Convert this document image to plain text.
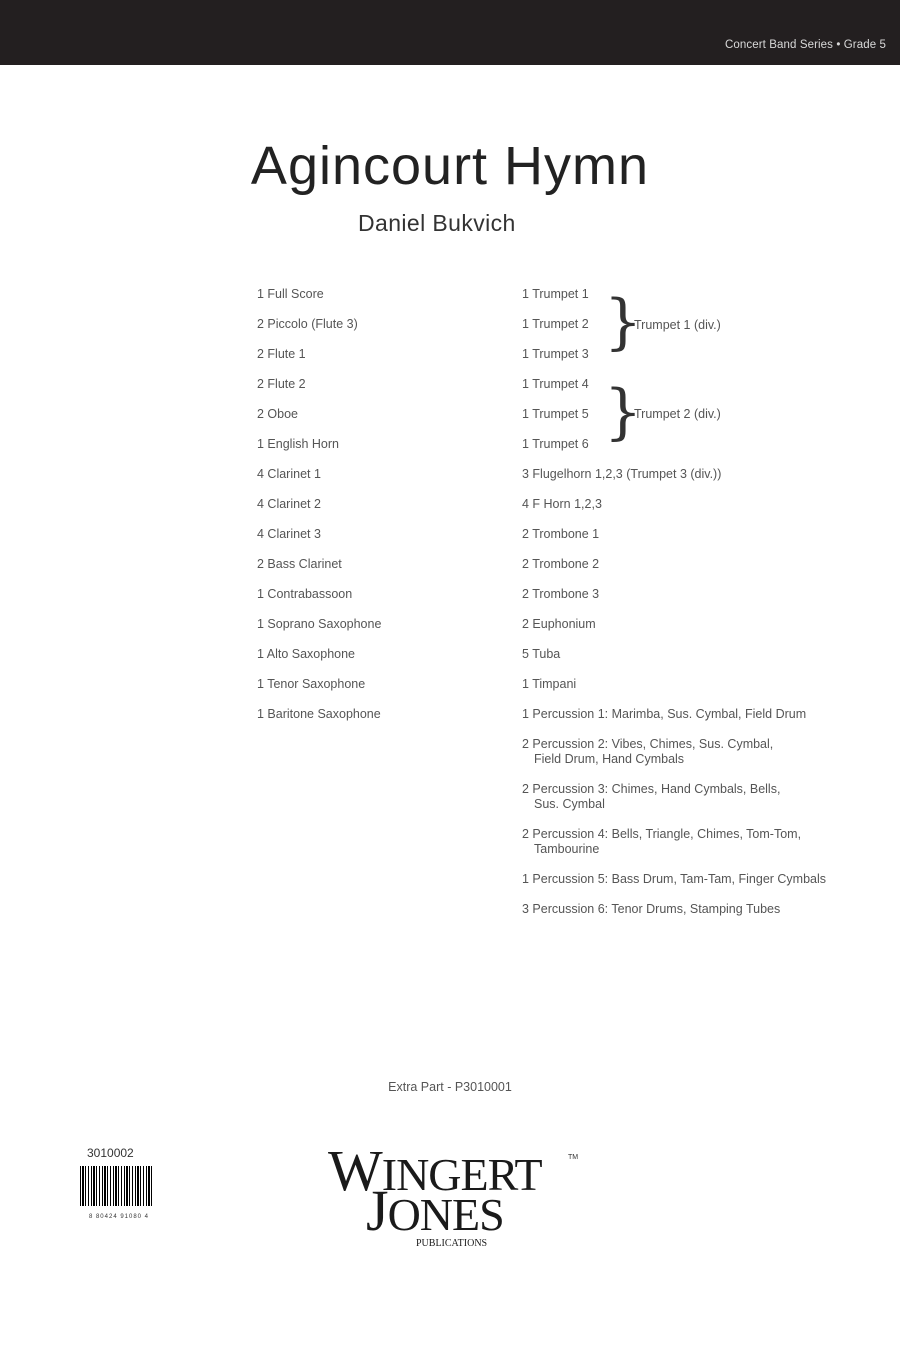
Concert Band Series • Grade 5
Agincourt Hymn
Daniel Bukvich
1 Full Score
2 Piccolo (Flute 3)
2 Flute 1
2 Flute 2
2 Oboe
1 English Horn
4 Clarinet 1
4 Clarinet 2
4 Clarinet 3
2 Bass Clarinet
1 Contrabassoon
1 Soprano Saxophone
1 Alto Saxophone
1 Tenor Saxophone
1 Baritone Saxophone
1 Trumpet 1
1 Trumpet 2
1 Trumpet 3
1 Trumpet 4
1 Trumpet 5
1 Trumpet 6
3 Flugelhorn 1,2,3 (Trumpet 3 (div.))
4 F Horn 1,2,3
2 Trombone 1
2 Trombone 2
2 Trombone 3
2 Euphonium
5 Tuba
1 Timpani
1 Percussion 1: Marimba, Sus. Cymbal, Field Drum
2 Percussion 2: Vibes, Chimes, Sus. Cymbal,
Field Drum, Hand Cymbals
2 Percussion 3: Chimes, Hand Cymbals, Bells,
Sus. Cymbal
2 Percussion 4: Bells, Triangle, Chimes, Tom-Tom,
Tambourine
1 Percussion 5: Bass Drum, Tam-Tam, Finger Cymbals
3 Percussion 6: Tenor Drums, Stamping Tubes
}
Trumpet 1 (div.)
}
Trumpet 2 (div.)
Extra Part - P3010001
3010002
8 80424 91080 4
WINGERT	TM
JONES
PUBLICATIONS
